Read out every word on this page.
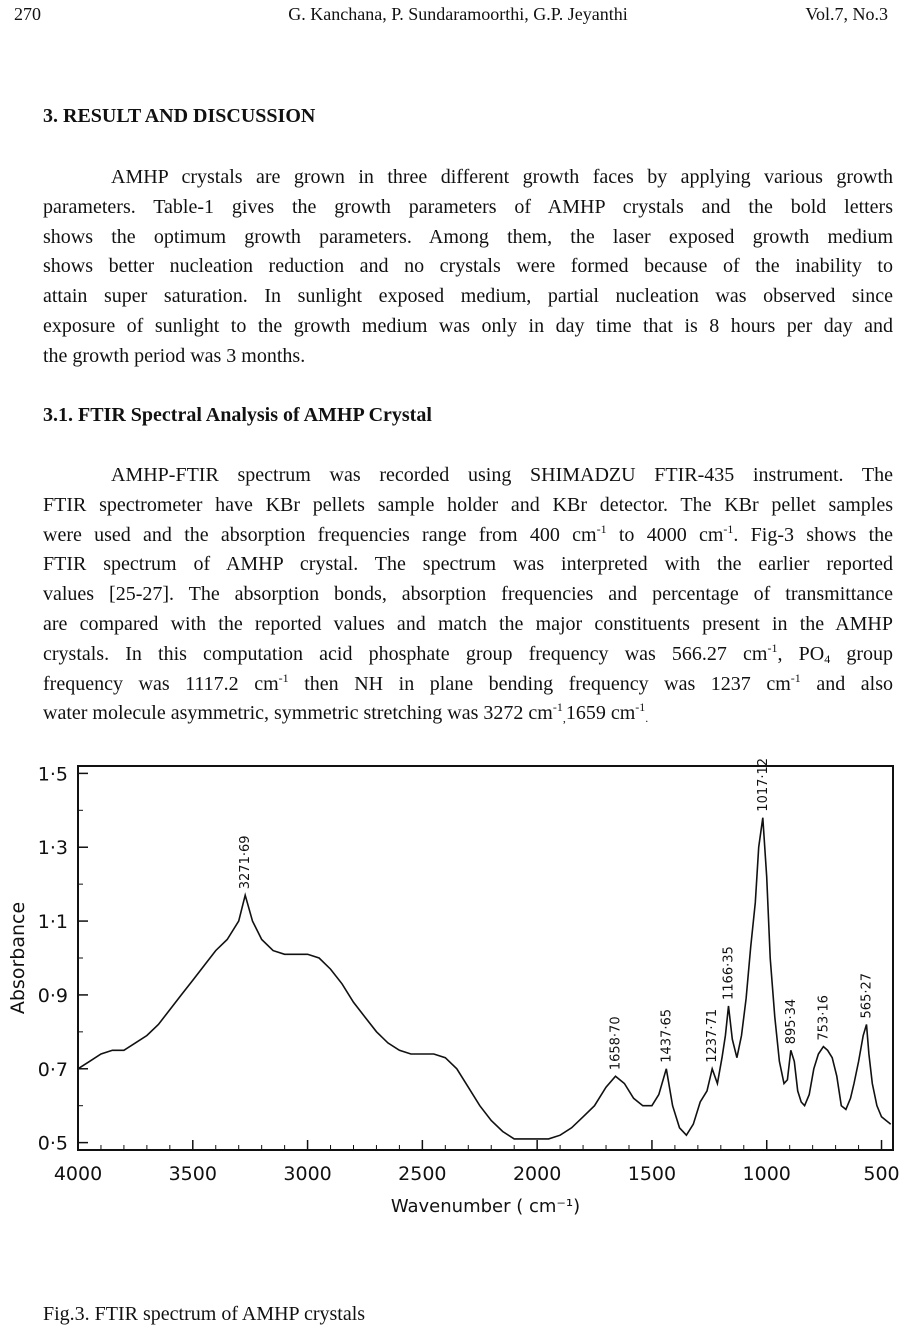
270	G. Kanchana, P. Sundaramoorthi, G.P. Jeyanthi	Vol.7, No.3
3. RESULT AND DISCUSSION
AMHP crystals are grown in three different growth faces by applying various growth
parameters. Table-1 gives the growth parameters of AMHP crystals and the bold letters
shows the optimum growth parameters. Among them, the laser exposed growth medium
shows better nucleation reduction and no crystals were formed because of the inability to
attain super saturation. In sunlight exposed medium, partial nucleation was observed since
exposure of sunlight to the growth medium was only in day time that is 8 hours per day and
the growth period was 3 months.
3.1. FTIR Spectral Analysis of AMHP Crystal
AMHP-FTIR spectrum was recorded using SHIMADZU FTIR-435 instrument. The
FTIR spectrometer have KBr pellets sample holder and KBr detector. The KBr pellet samples
were used and the absorption frequencies range from 400 $cm^{-1}$ to 4000 $cm^{-1}$. Fig-3 shows the
FTIR spectrum of AMHP crystal. The spectrum was interpreted with the earlier reported
values [25-27]. The absorption bonds, absorption frequencies and percentage of transmittance
are compared with the reported values and match the major constituents present in the AMHP
crystals. In this computation acid phosphate group frequency was 566.27 $cm^{-1}$, $PO_4$ group
frequency was 1117.2 $cm^{-1}$ then NH in plane bending frequency was 1237 $cm^{-1}$ and also
water molecule asymmetric, symmetric stretching was 3272 $cm^{-1}_,1659$ $cm^{-1}_.$
4000	3500	3000	2500	2000	1500	1000	500
0·5
0·7
0·9
1·1
1·3
1·5
Wavenumber ( cm⁻¹)
Absorbance
3271·69
1658·70	1437·65 1237·71
1166·35
1017·12
895·34 753·16 565·27
Fig.3. FTIR spectrum of AMHP crystals
